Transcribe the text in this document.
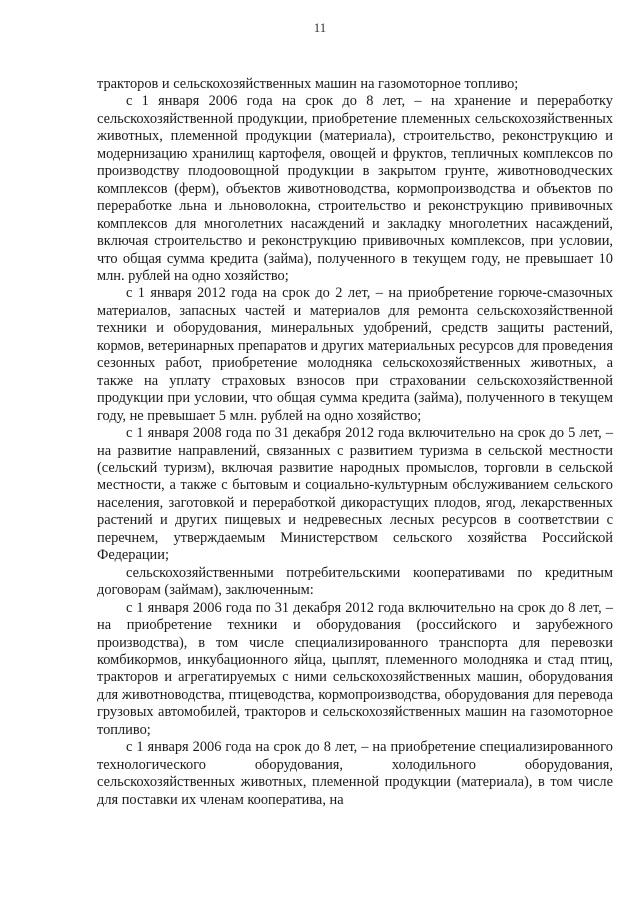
11

тракторов и сельскохозяйственных машин на газомоторное топливо;

с 1 января 2006 года на срок до 8 лет, – на хранение и переработку сельскохозяйственной продукции, приобретение племенных сельскохозяйственных животных, племенной продукции (материала), строительство, реконструкцию и модернизацию хранилищ картофеля, овощей и фруктов, тепличных комплексов по производству плодоовощной продукции в закрытом грунте, животноводческих комплексов (ферм), объектов животноводства, кормопроизводства и объектов по переработке льна и льноволокна, строительство и реконструкцию прививочных комплексов для многолетних насаждений и закладку многолетних насаждений, включая строительство и реконструкцию прививочных комплексов, при условии, что общая сумма кредита (займа), полученного в текущем году, не превышает 10 млн. рублей на одно хозяйство;

с 1 января 2012 года на срок до 2 лет, – на приобретение горюче-смазочных материалов, запасных частей и материалов для ремонта сельскохозяйственной техники и оборудования, минеральных удобрений, средств защиты растений, кормов, ветеринарных препаратов и других материальных ресурсов для проведения сезонных работ, приобретение молодняка сельскохозяйственных животных, а также на уплату страховых взносов при страховании сельскохозяйственной продукции при условии, что общая сумма кредита (займа), полученного в текущем году, не превышает 5 млн. рублей на одно хозяйство;

с 1 января 2008 года по 31 декабря 2012 года включительно на срок до 5 лет, – на развитие направлений, связанных с развитием туризма в сельской местности (сельский туризм), включая развитие народных промыслов, торговли в сельской местности, а также с бытовым и социально-культурным обслуживанием сельского населения, заготовкой и переработкой дикорастущих плодов, ягод, лекарственных растений и других пищевых и недревесных лесных ресурсов в соответствии с перечнем, утверждаемым Министерством сельского хозяйства Российской Федерации;

сельскохозяйственными потребительскими кооперативами по кредитным договорам (займам), заключенным:

с 1 января 2006 года по 31 декабря 2012 года включительно на срок до 8 лет, – на приобретение техники и оборудования (российского и зарубежного производства), в том числе специализированного транспорта для перевозки комбикормов, инкубационного яйца, цыплят, племенного молодняка и стад птиц, тракторов и агрегатируемых с ними сельскохозяйственных машин, оборудования для животноводства, птицеводства, кормопроизводства, оборудования для перевода грузовых автомобилей, тракторов и сельскохозяйственных машин на газомоторное топливо;

с 1 января 2006 года на срок до 8 лет, – на приобретение специализированного технологического оборудования, холодильного оборудования, сельскохозяйственных животных, племенной продукции (материала), в том числе для поставки их членам кооператива, на
